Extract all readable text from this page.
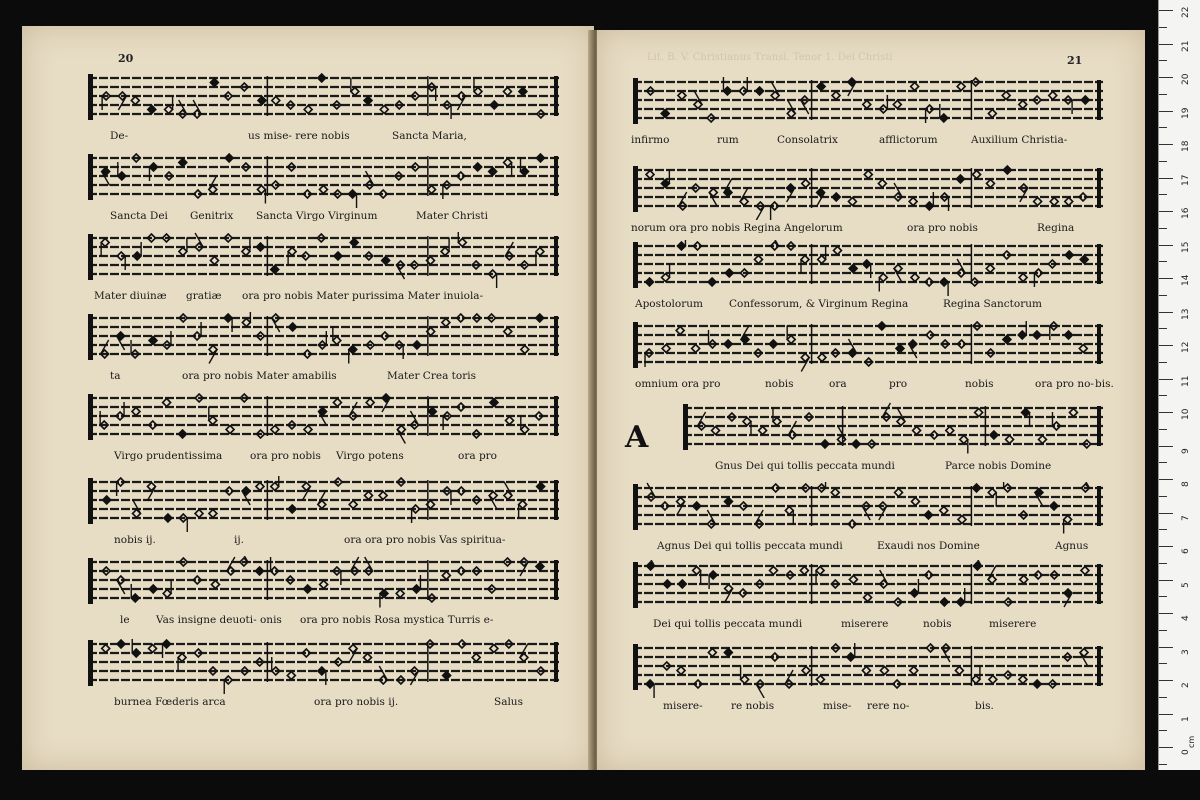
20
De-	us mise- rere nobis	Sancta Maria,
Sancta Dei Genitrix Sancta Virgo Virginum	Mater Christi
Mater diuinæ gratiæ ora pro nobis Mater purissima Mater inuiola-
ta	ora pro nobis Mater amabilis	Mater Crea toris
Virgo prudentissima	ora pro nobis Virgo potens	ora pro
nobis ij.	ij.	ora ora pro nobis Vas spiritua-
le	Vas insigne deuoti- onis ora pro nobis Rosa mystica Turris e-
burnea Fœderis arca	ora pro nobis ij.	Salus
Lit. B. V. Christianus Transl. Tenor 1. Dei Christi	21
A
infirmo	rum	Consolatrix	afflictorum	Auxilium Christia-
norum ora pro nobis Regina Angelorum	ora pro nobis	Regina
Apostolorum Confessorum, & Virginum Regina	Regina Sanctorum
omnium ora pro	nobis	ora	pro	nobis	ora pro no- bis.
Gnus Dei qui tollis peccata mundi	Parce nobis Domine
Agnus Dei qui tollis peccata mundi	Exaudi nos Domine	Agnus
Dei qui tollis peccata mundi	miserere	nobis	miserere
misere-	re nobis	mise- rere no-	bis.
cm
22
21
20
19
18
17
16
15
14
13
12
11
10
9
8
7
6
5
4
3
2
1
0
